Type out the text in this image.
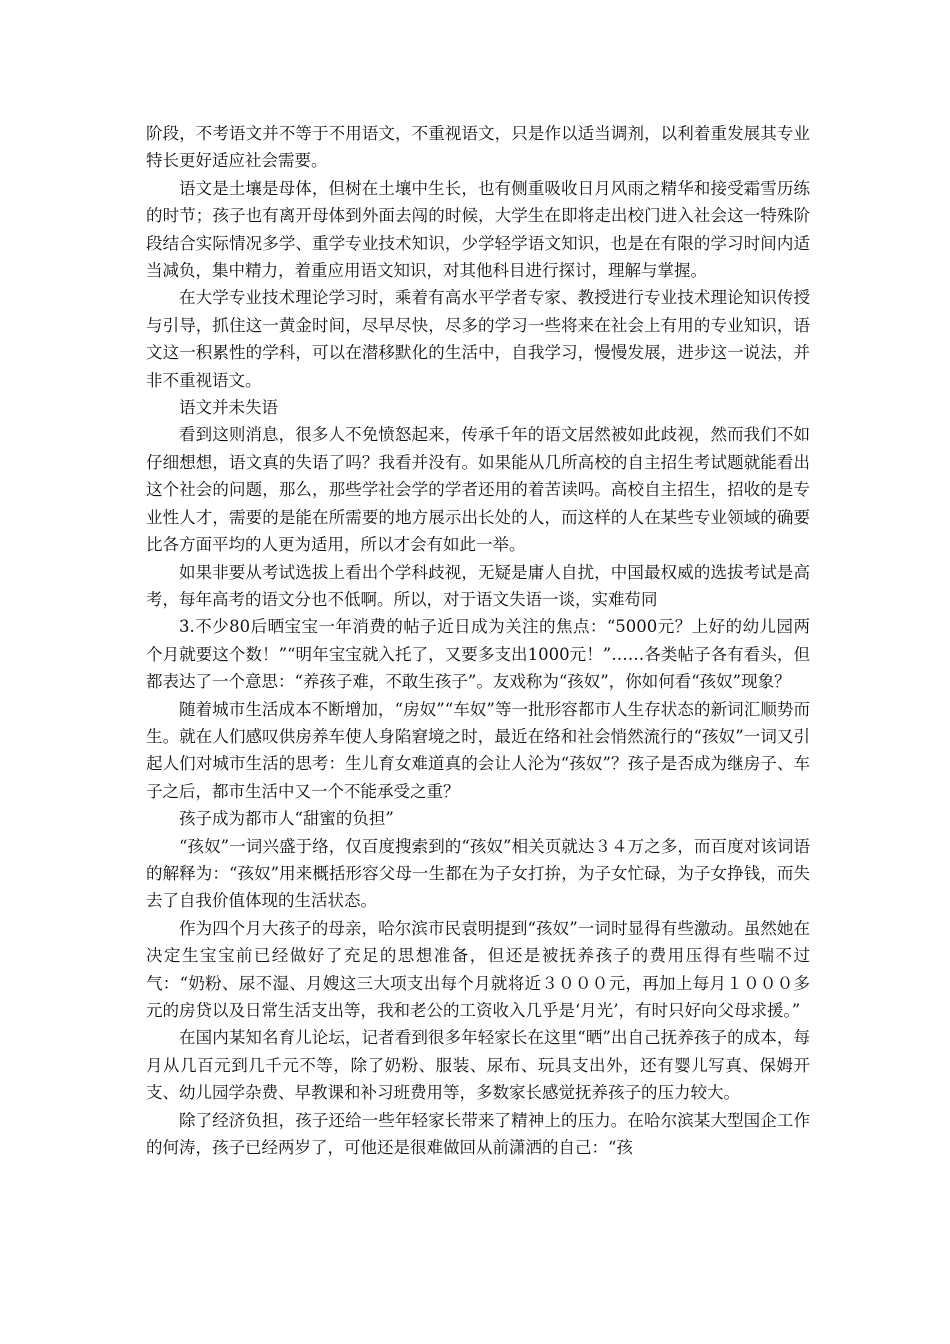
阶段，不考语文并不等于不用语文，不重视语文，只是作以适当调剂，以利着重发展其专业特长更好适应社会需要。

语文是土壤是母体，但树在土壤中生长，也有侧重吸收日月风雨之精华和接受霜雪历练的时节；孩子也有离开母体到外面去闯的时候，大学生在即将走出校门进入社会这一特殊阶段结合实际情况多学、重学专业技术知识，少学轻学语文知识，也是在有限的学习时间内适当减负，集中精力，着重应用语文知识，对其他科目进行探讨，理解与掌握。

在大学专业技术理论学习时，乘着有高水平学者专家、教授进行专业技术理论知识传授与引导，抓住这一黄金时间，尽早尽快，尽多的学习一些将来在社会上有用的专业知识，语文这一积累性的学科，可以在潜移默化的生活中，自我学习，慢慢发展，进步这一说法，并非不重视语文。

语文并未失语

看到这则消息，很多人不免愤怒起来，传承千年的语文居然被如此歧视，然而我们不如仔细想想，语文真的失语了吗？我看并没有。如果能从几所高校的自主招生考试题就能看出这个社会的问题，那么，那些学社会学的学者还用的着苦读吗。高校自主招生，招收的是专业性人才，需要的是能在所需要的地方展示出长处的人，而这样的人在某些专业领域的确要比各方面平均的人更为适用，所以才会有如此一举。

如果非要从考试选拔上看出个学科歧视，无疑是庸人自扰，中国最权威的选拔考试是高考，每年高考的语文分也不低啊。所以，对于语文失语一谈，实难苟同

3.不少80后晒宝宝一年消费的帖子近日成为关注的焦点：“5000元？上好的幼儿园两个月就要这个数！”“明年宝宝就入托了，又要多支出1000元！”……各类帖子各有看头，但都表达了一个意思：“养孩子难，不敢生孩子”。友戏称为“孩奴”，你如何看“孩奴”现象？

随着城市生活成本不断增加，“房奴”“车奴”等一批形容都市人生存状态的新词汇顺势而生。就在人们感叹供房养车使人身陷窘境之时，最近在络和社会悄然流行的“孩奴”一词又引起人们对城市生活的思考：生儿育女难道真的会让人沦为“孩奴”？孩子是否成为继房子、车子之后，都市生活中又一个不能承受之重？

孩子成为都市人“甜蜜的负担”

“孩奴”一词兴盛于络，仅百度搜索到的“孩奴”相关页就达３４万之多，而百度对该词语的解释为：“孩奴”用来概括形容父母一生都在为子女打拚，为子女忙碌，为子女挣钱，而失去了自我价值体现的生活状态。

作为四个月大孩子的母亲，哈尔滨市民袁明提到“孩奴”一词时显得有些激动。虽然她在决定生宝宝前已经做好了充足的思想准备，但还是被抚养孩子的费用压得有些喘不过气：“奶粉、尿不湿、月嫂这三大项支出每个月就将近３０００元，再加上每月１０００多元的房贷以及日常生活支出等，我和老公的工资收入几乎是‘月光’，有时只好向父母求援。”

在国内某知名育儿论坛，记者看到很多年轻家长在这里“晒”出自己抚养孩子的成本，每月从几百元到几千元不等，除了奶粉、服装、尿布、玩具支出外，还有婴儿写真、保姆开支、幼儿园学杂费、早教课和补习班费用等，多数家长感觉抚养孩子的压力较大。

除了经济负担，孩子还给一些年轻家长带来了精神上的压力。在哈尔滨某大型国企工作的何涛，孩子已经两岁了，可他还是很难做回从前潇洒的自己：“孩
